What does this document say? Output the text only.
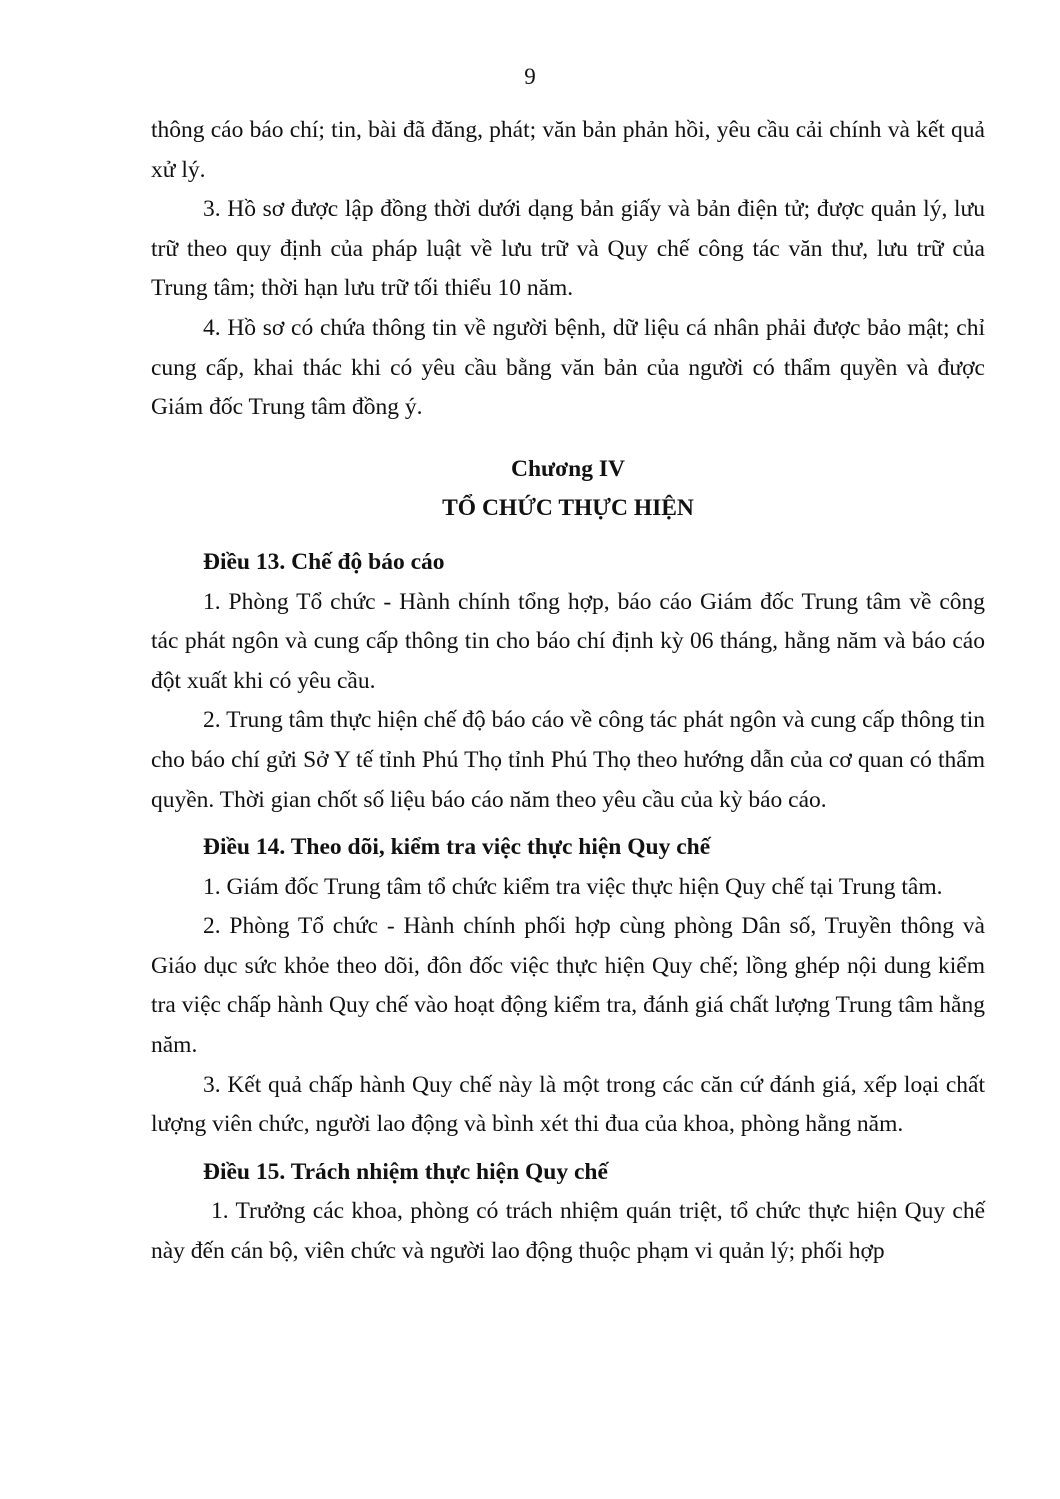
9

thông cáo báo chí; tin, bài đã đăng, phát; văn bản phản hồi, yêu cầu cải chính và kết quả xử lý.

3. Hồ sơ được lập đồng thời dưới dạng bản giấy và bản điện tử; được quản lý, lưu trữ theo quy định của pháp luật về lưu trữ và Quy chế công tác văn thư, lưu trữ của Trung tâm; thời hạn lưu trữ tối thiểu 10 năm.

4. Hồ sơ có chứa thông tin về người bệnh, dữ liệu cá nhân phải được bảo mật; chỉ cung cấp, khai thác khi có yêu cầu bằng văn bản của người có thẩm quyền và được Giám đốc Trung tâm đồng ý.

Chương IV

TỔ CHỨC THỰC HIỆN

Điều 13. Chế độ báo cáo

1. Phòng Tổ chức - Hành chính tổng hợp, báo cáo Giám đốc Trung tâm về công tác phát ngôn và cung cấp thông tin cho báo chí định kỳ 06 tháng, hằng năm và báo cáo đột xuất khi có yêu cầu.

2. Trung tâm thực hiện chế độ báo cáo về công tác phát ngôn và cung cấp thông tin cho báo chí gửi Sở Y tế tỉnh Phú Thọ tỉnh Phú Thọ theo hướng dẫn của cơ quan có thẩm quyền. Thời gian chốt số liệu báo cáo năm theo yêu cầu của kỳ báo cáo.

Điều 14. Theo dõi, kiểm tra việc thực hiện Quy chế

1. Giám đốc Trung tâm tổ chức kiểm tra việc thực hiện Quy chế tại Trung tâm.

2. Phòng Tổ chức - Hành chính phối hợp cùng phòng Dân số, Truyền thông và Giáo dục sức khỏe theo dõi, đôn đốc việc thực hiện Quy chế; lồng ghép nội dung kiểm tra việc chấp hành Quy chế vào hoạt động kiểm tra, đánh giá chất lượng Trung tâm hằng năm.

3. Kết quả chấp hành Quy chế này là một trong các căn cứ đánh giá, xếp loại chất lượng viên chức, người lao động và bình xét thi đua của khoa, phòng hằng năm.

Điều 15. Trách nhiệm thực hiện Quy chế

1. Trưởng các khoa, phòng có trách nhiệm quán triệt, tổ chức thực hiện Quy chế này đến cán bộ, viên chức và người lao động thuộc phạm vi quản lý; phối hợp
